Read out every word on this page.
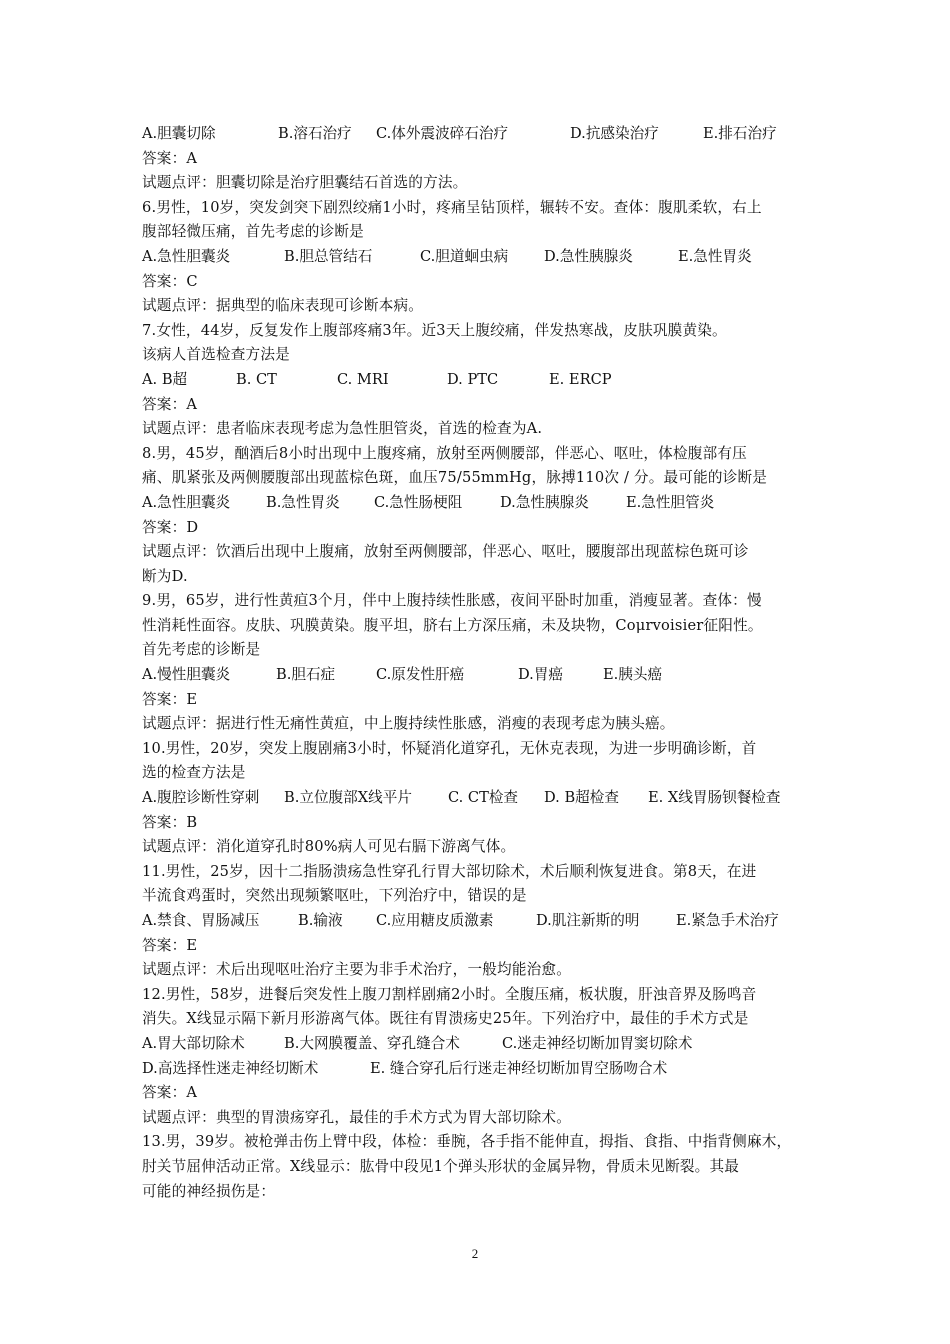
A.胆囊切除	B.溶石治疗	C.体外震波碎石治疗	D.抗感染治疗	E.排石治疗
答案：A
试题点评：胆囊切除是治疗胆囊结石首选的方法。
6.男性，10岁，突发剑突下剧烈绞痛1小时，疼痛呈钻顶样，辗转不安。查体：腹肌柔软，右上
腹部轻微压痛，首先考虑的诊断是
A.急性胆囊炎	B.胆总管结石	C.胆道蛔虫病	D.急性胰腺炎	E.急性胃炎
答案：C
试题点评：据典型的临床表现可诊断本病。
7.女性，44岁，反复发作上腹部疼痛3年。近3天上腹绞痛，伴发热寒战，皮肤巩膜黄染。
该病人首选检查方法是
A. B超	B. CT	C. MRI	D. PTC	E. ERCP
答案：A
试题点评：患者临床表现考虑为急性胆管炎，首选的检查为A.
8.男，45岁，酗酒后8小时出现中上腹疼痛，放射至两侧腰部，伴恶心、呕吐，体检腹部有压
痛、肌紧张及两侧腰腹部出现蓝棕色斑，血压75/55mmHg，脉搏110次 / 分。最可能的诊断是
A.急性胆囊炎	B.急性胃炎	C.急性肠梗阻	D.急性胰腺炎	E.急性胆管炎
答案：D
试题点评：饮酒后出现中上腹痛，放射至两侧腰部，伴恶心、呕吐，腰腹部出现蓝棕色斑可诊
断为D.
9.男，65岁，进行性黄疸3个月，伴中上腹持续性胀感，夜间平卧时加重，消瘦显著。查体：慢
性消耗性面容。皮肤、巩膜黄染。腹平坦，脐右上方深压痛，未及块物，Coμrvoisier征阳性。
首先考虑的诊断是
A.慢性胆囊炎	B.胆石症	C.原发性肝癌	D.胃癌	E.胰头癌
答案：E
试题点评：据进行性无痛性黄疸，中上腹持续性胀感，消瘦的表现考虑为胰头癌。
10.男性，20岁，突发上腹剧痛3小时，怀疑消化道穿孔，无休克表现，为进一步明确诊断，首
选的检查方法是
A.腹腔诊断性穿刺	B.立位腹部X线平片	C. CT检查	D. B超检查	E. X线胃肠钡餐检查
答案：B
试题点评：消化道穿孔时80%病人可见右膈下游离气体。
11.男性，25岁，因十二指肠溃疡急性穿孔行胃大部切除术，术后顺利恢复进食。第8天，在进
半流食鸡蛋时，突然出现频繁呕吐，下列治疗中，错误的是
A.禁食、胃肠减压	B.输液	C.应用糖皮质激素	D.肌注新斯的明	E.紧急手术治疗
答案：E
试题点评：术后出现呕吐治疗主要为非手术治疗，一般均能治愈。
12.男性，58岁，进餐后突发性上腹刀割样剧痛2小时。全腹压痛，板状腹，肝浊音界及肠鸣音
消失。X线显示隔下新月形游离气体。既往有胃溃疡史25年。下列治疗中，最佳的手术方式是
A.胃大部切除术	B.大网膜覆盖、穿孔缝合术	C.迷走神经切断加胃窦切除术
D.高选择性迷走神经切断术	E. 缝合穿孔后行迷走神经切断加胃空肠吻合术
答案：A
试题点评：典型的胃溃疡穿孔，最佳的手术方式为胃大部切除术。
13.男，39岁。被枪弹击伤上臂中段，体检：垂腕，各手指不能伸直，拇指、食指、中指背侧麻木，
肘关节屈伸活动正常。X线显示：肱骨中段见1个弹头形状的金属异物，骨质未见断裂。其最
可能的神经损伤是：
2
